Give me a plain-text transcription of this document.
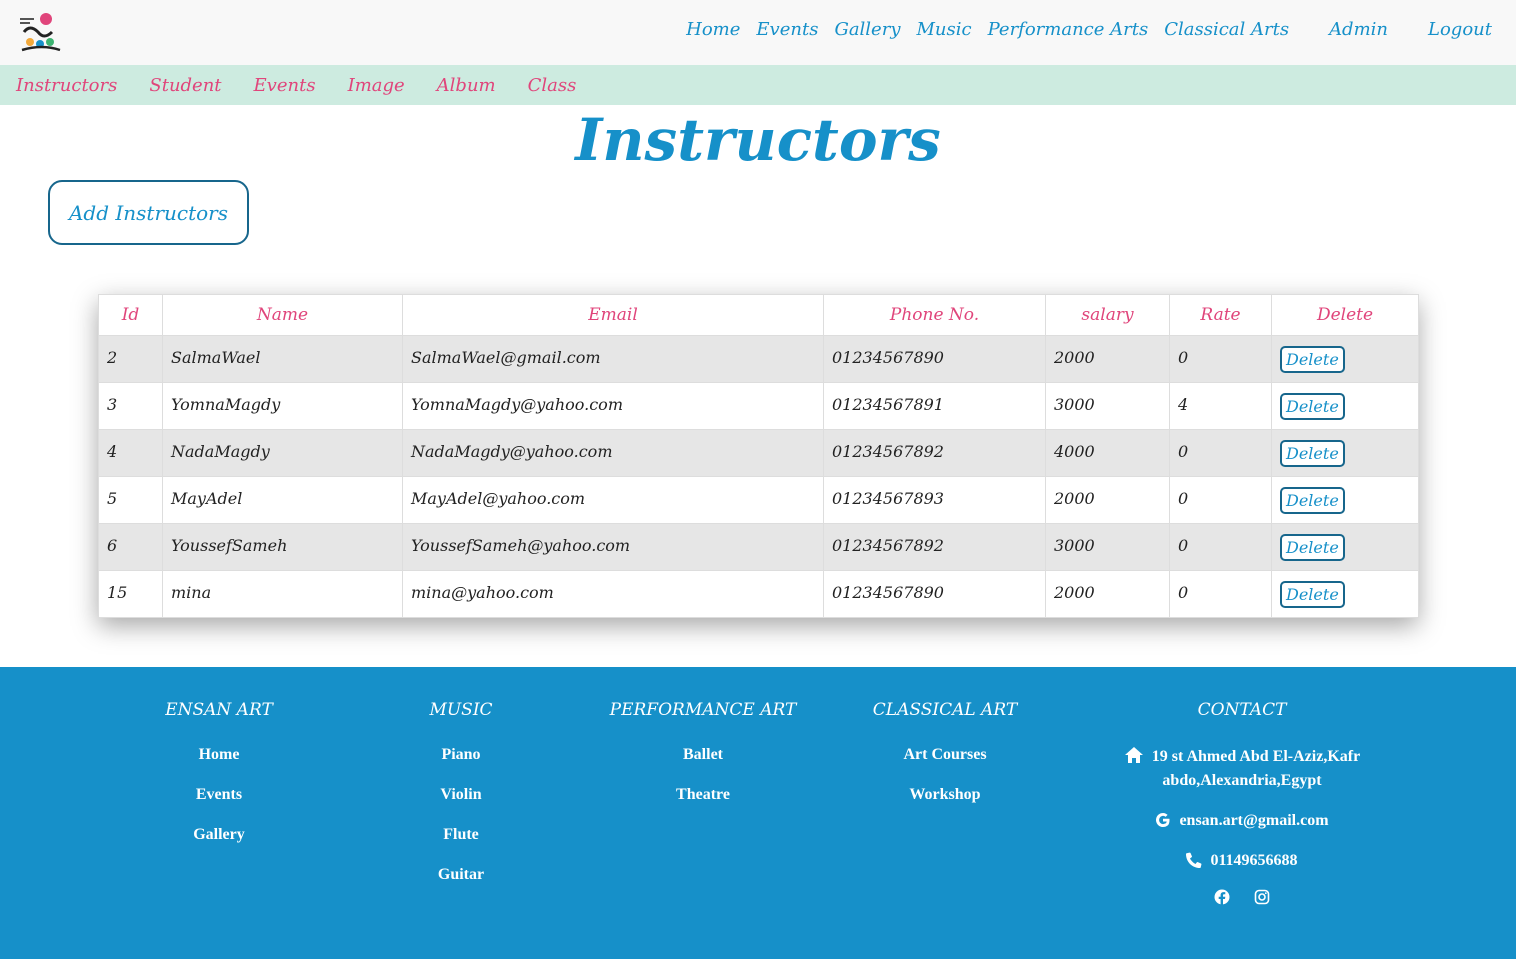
Home Events Gallery Music Performance Arts Classical Arts Admin Logout
Instructors Student Events Image Album Class
Instructors
Add Instructors
Id	Name	Email	Phone No.	salary	Rate	Delete
2	SalmaWael	SalmaWael@gmail.com	01234567890	2000	0	Delete
3	YomnaMagdy	YomnaMagdy@yahoo.com	01234567891	3000	4	Delete
4	NadaMagdy	NadaMagdy@yahoo.com	01234567892	4000	0	Delete
5	MayAdel	MayAdel@yahoo.com	01234567893	2000	0	Delete
6	YoussefSameh	YoussefSameh@yahoo.com	01234567892	3000	0	Delete
15	mina	mina@yahoo.com	01234567890	2000	0	Delete
ENSAN ART
Home
Events
Gallery
MUSIC
Piano
Violin
Flute
Guitar
PERFORMANCE ART
Ballet
Theatre
CLASSICAL ART
Art Courses
Workshop
CONTACT
19 st Ahmed Abd El-Aziz,Kafr abdo,Alexandria,Egypt
ensan.art@gmail.com
01149656688
